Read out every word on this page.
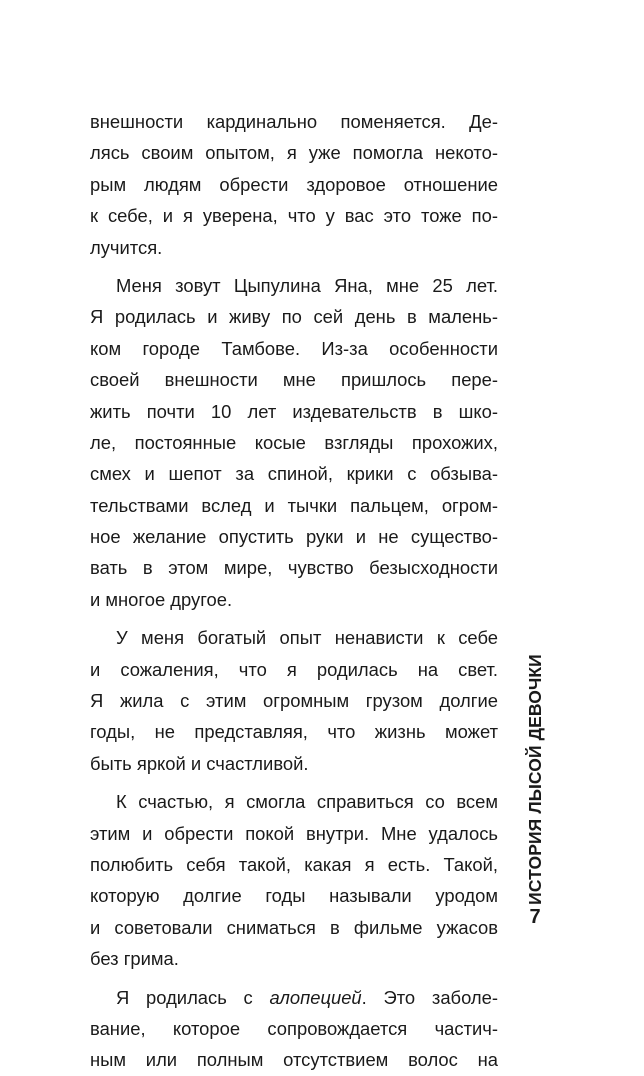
внешности кардинально поменяется. Де-
лясь своим опытом, я уже помогла некото-
рым людям обрести здоровое отношение
к себе, и я уверена, что у вас это тоже по-
лучится.
Меня зовут Цыпулина Яна, мне 25 лет.
Я родилась и живу по сей день в малень-
ком городе Тамбове. Из-за особенности
своей внешности мне пришлось пере-
жить почти 10 лет издевательств в шко-
ле, постоянные косые взгляды прохожих,
смех и шепот за спиной, крики с обзыва-
тельствами вслед и тычки пальцем, огром-
ное желание опустить руки и не существо-
вать в этом мире, чувство безысходности
и многое другое.
У меня богатый опыт ненависти к себе
и сожаления, что я родилась на свет.
Я жила с этим огромным грузом долгие
годы, не представляя, что жизнь может
быть яркой и счастливой.
К счастью, я смогла справиться со всем
этим и обрести покой внутри. Мне удалось
полюбить себя такой, какая я есть. Такой,
которую долгие годы называли уродом
и советовали сниматься в фильме ужасов
без грима.
Я родилась с алопецией. Это заболе-
вание, которое сопровождается частич-
ным или полным отсутствием волос на
ИСТОРИЯ ЛЫСОЙ ДЕВОЧКИ
7
